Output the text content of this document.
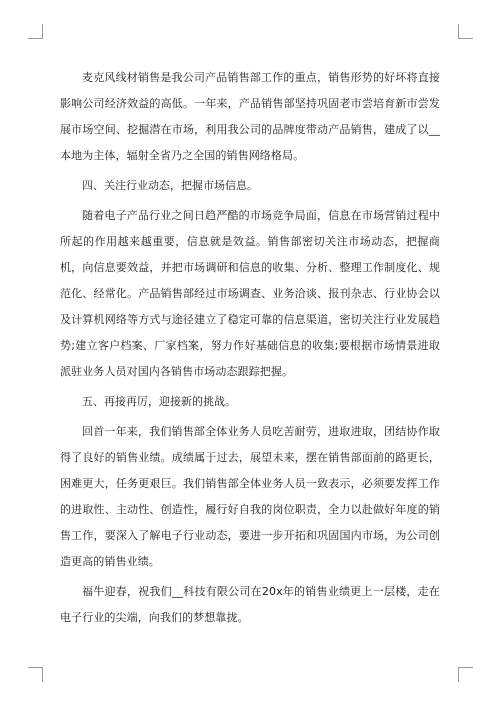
麦克风线材销售是我公司产品销售部工作的重点，销售形势的好坏将直接影响公司经济效益的高低。一年来，产品销售部坚持巩固老市尝培育新市尝发展市场空间、挖掘潜在市场，利用我公司的品牌度带动产品销售，建成了以__本地为主体，辐射全省乃之全国的销售网络格局。

四、关注行业动态，把握市场信息。

随着电子产品行业之间日趋严酷的市场竞争局面，信息在市场营销过程中所起的作用越来越重要，信息就是效益。销售部密切关注市场动态，把握商机，向信息要效益，并把市场调研和信息的收集、分析、整理工作制度化、规范化、经常化。产品销售部经过市场调查、业务洽谈、报刊杂志、行业协会以及计算机网络等方式与途径建立了稳定可靠的信息渠道，密切关注行业发展趋势;建立客户档案、厂家档案，努力作好基础信息的收集;要根据市场情景进取派驻业务人员对国内各销售市场动态跟踪把握。

五、再接再厉，迎接新的挑战。

回首一年来，我们销售部全体业务人员吃苦耐劳，进取进取，团结协作取得了良好的销售业绩。成绩属于过去，展望未来，摆在销售部面前的路更长，困难更大，任务更艰巨。我们销售部全体业务人员一致表示，必须要发挥工作的进取性、主动性、创造性，履行好自我的岗位职责，全力以赴做好年度的销售工作，要深入了解电子行业动态，要进一步开拓和巩固国内市场，为公司创造更高的销售业绩。

福牛迎春，祝我们__科技有限公司在20x年的销售业绩更上一层楼，走在电子行业的尖端，向我们的梦想靠拢。
